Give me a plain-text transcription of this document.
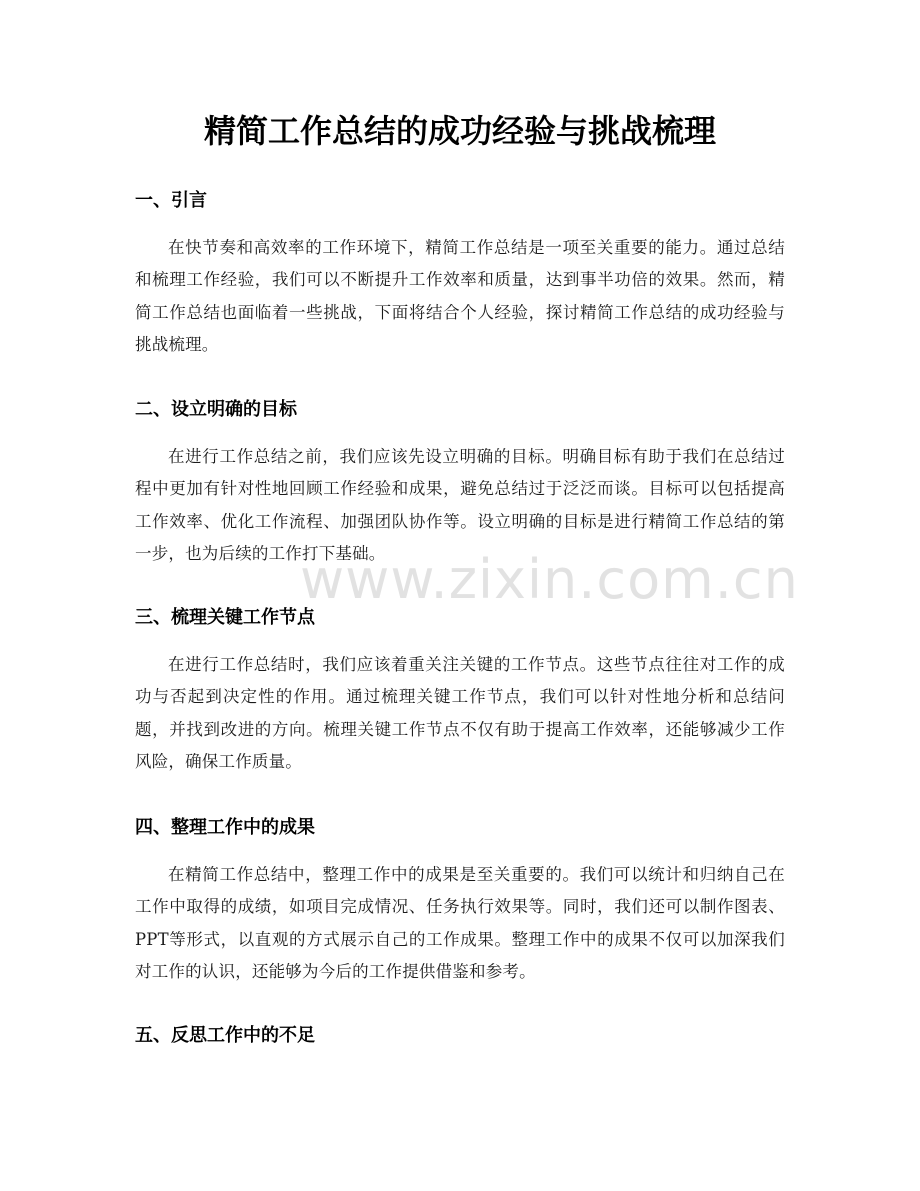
精简工作总结的成功经验与挑战梳理
一、引言

在快节奏和高效率的工作环境下，精简工作总结是一项至关重要的能力。通过总结和梳理工作经验，我们可以不断提升工作效率和质量，达到事半功倍的效果。然而，精简工作总结也面临着一些挑战，下面将结合个人经验，探讨精简工作总结的成功经验与挑战梳理。

二、设立明确的目标

在进行工作总结之前，我们应该先设立明确的目标。明确目标有助于我们在总结过程中更加有针对性地回顾工作经验和成果，避免总结过于泛泛而谈。目标可以包括提高工作效率、优化工作流程、加强团队协作等。设立明确的目标是进行精简工作总结的第一步，也为后续的工作打下基础。

三、梳理关键工作节点

在进行工作总结时，我们应该着重关注关键的工作节点。这些节点往往对工作的成功与否起到决定性的作用。通过梳理关键工作节点，我们可以针对性地分析和总结问题，并找到改进的方向。梳理关键工作节点不仅有助于提高工作效率，还能够减少工作风险，确保工作质量。

四、整理工作中的成果

在精简工作总结中，整理工作中的成果是至关重要的。我们可以统计和归纳自己在工作中取得的成绩，如项目完成情况、任务执行效果等。同时，我们还可以制作图表、PPT等形式，以直观的方式展示自己的工作成果。整理工作中的成果不仅可以加深我们对工作的认识，还能够为今后的工作提供借鉴和参考。

五、反思工作中的不足
www.zixin.com.cn
